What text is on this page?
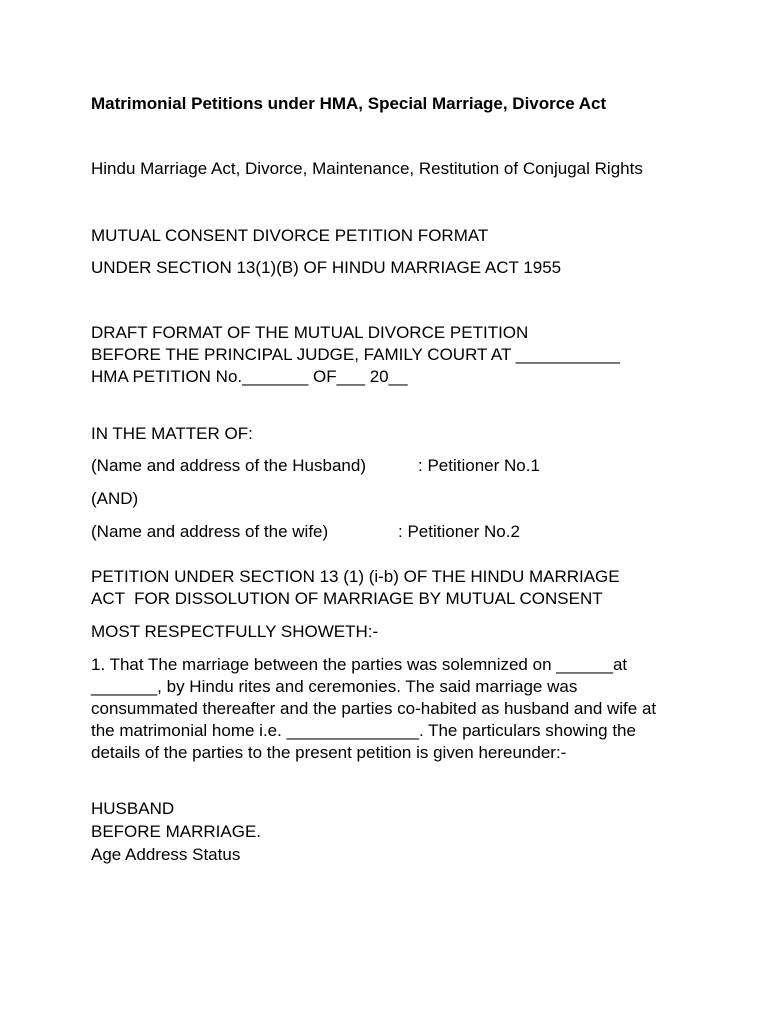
Matrimonial Petitions under HMA, Special Marriage, Divorce Act
Hindu Marriage Act, Divorce, Maintenance, Restitution of Conjugal Rights
MUTUAL CONSENT DIVORCE PETITION FORMAT
UNDER SECTION 13(1)(B) OF HINDU MARRIAGE ACT 1955
DRAFT FORMAT OF THE MUTUAL DIVORCE PETITION
BEFORE THE PRINCIPAL JUDGE, FAMILY COURT AT ___________
HMA PETITION No._______ OF___ 20__
IN THE MATTER OF:
(Name and address of the Husband)	: Petitioner No.1
(AND)
(Name and address of the wife)	: Petitioner No.2
PETITION UNDER SECTION 13 (1) (i-b) OF THE HINDU MARRIAGE
ACT  FOR DISSOLUTION OF MARRIAGE BY MUTUAL CONSENT
MOST RESPECTFULLY SHOWETH:-
1. That The marriage between the parties was solemnized on ______at
_______, by Hindu rites and ceremonies. The said marriage was
consummated thereafter and the parties co-habited as husband and wife at
the matrimonial home i.e. ______________. The particulars showing the
details of the parties to the present petition is given hereunder:-
HUSBAND
BEFORE MARRIAGE.
Age Address Status
